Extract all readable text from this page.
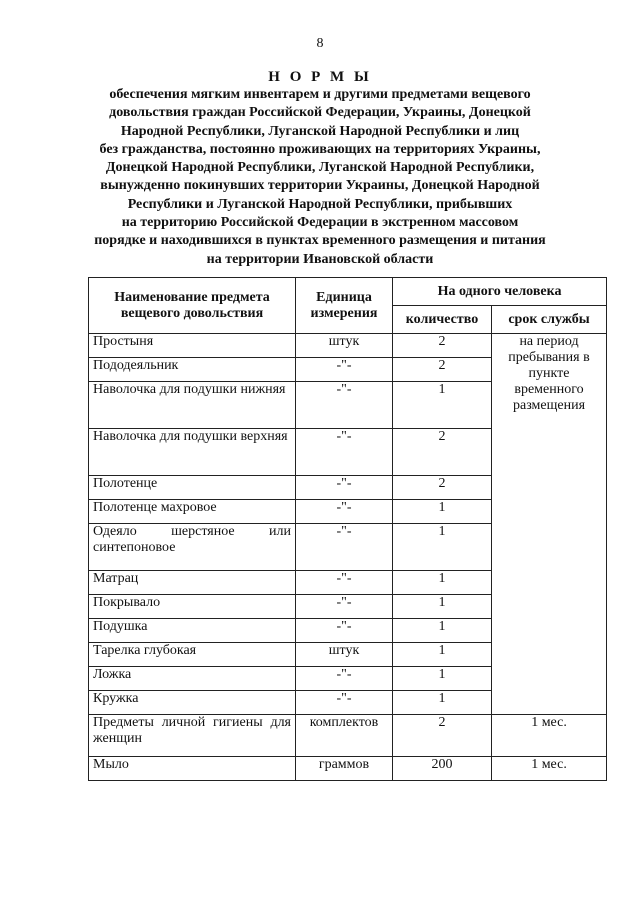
8
Н О Р М Ы

обеспечения мягким инвентарем и другими предметами вещевого

довольствия граждан Российской Федерации, Украины, Донецкой

Народной Республики, Луганской Народной Республики и лиц

без гражданства, постоянно проживающих на территориях Украины,

Донецкой Народной Республики, Луганской Народной Республики,

вынужденно покинувших территории Украины, Донецкой Народной

Республики и Луганской Народной Республики, прибывших

на территорию Российской Федерации в экстренном массовом

порядке и находившихся в пунктах временного размещения и питания

на территории Ивановской области

Наименование предмета вещевого довольствия	Единица измерения	На одного человека	
		количество	срок службы
Простыня	штук	2	на период пребывания в пункте временного размещения
Пододеяльник	-"-	2	
Наволочка для подушки нижняя	-"-	1	
Наволочка для подушки верхняя	-"-	2	
Полотенце	-"-	2	
Полотенце махровое	-"-	1	
Одеяло шерстяное или синтепоновое	-"-	1	
Матрац	-"-	1	
Покрывало	-"-	1	
Подушка	-"-	1	
Тарелка глубокая	штук	1	
Ложка	-"-	1	
Кружка	-"-	1	
Предметы личной гигиены для женщин	комплектов	2	1 мес.
Мыло	граммов	200	1 мес.
